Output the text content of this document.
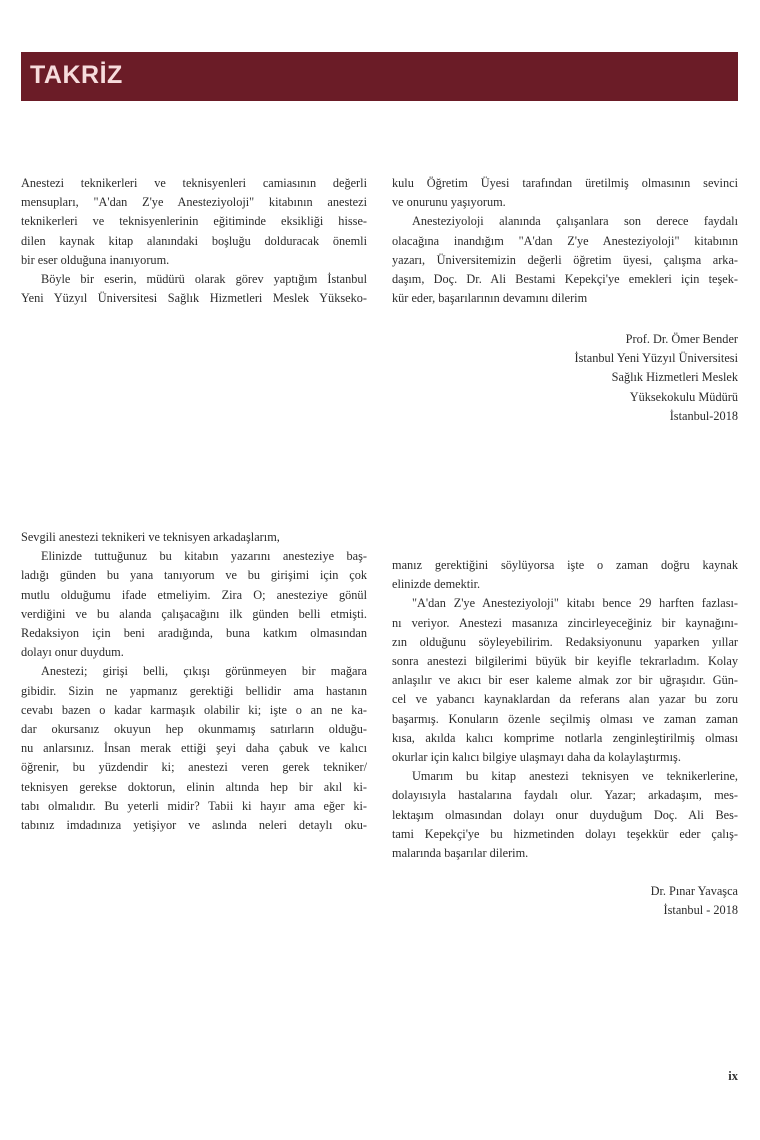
TAKRİZ
Anestezi teknikerleri ve teknisyenleri camiasının değerli
mensupları, "A'dan Z'ye Anesteziyoloji" kitabının anestezi
teknikerleri ve teknisyenlerinin eğitiminde eksikliği hisse-
dilen kaynak kitap alanındaki boşluğu dolduracak önemli
bir eser olduğuna inanıyorum.
Böyle bir eserin, müdürü olarak görev yaptığım İstanbul
Yeni Yüzyıl Üniversitesi Sağlık Hizmetleri Meslek Yükseko-
kulu Öğretim Üyesi tarafından üretilmiş olmasının sevinci
ve onurunu yaşıyorum.
Anesteziyoloji alanında çalışanlara son derece faydalı
olacağına inandığım "A'dan Z'ye Anesteziyoloji" kitabının
yazarı, Üniversitemizin değerli öğretim üyesi, çalışma arka-
daşım, Doç. Dr. Ali Bestami Kepekçi'ye emekleri için teşek-
kür eder, başarılarının devamını dilerim
Prof. Dr. Ömer Bender
İstanbul Yeni Yüzyıl Üniversitesi
Sağlık Hizmetleri Meslek
Yüksekokulu Müdürü
İstanbul-2018
Sevgili anestezi teknikeri ve teknisyen arkadaşlarım,
Elinizde tuttuğunuz bu kitabın yazarını anesteziye baş-
ladığı günden bu yana tanıyorum ve bu girişimi için çok
mutlu olduğumu ifade etmeliyim. Zira O; anesteziye gönül
verdiğini ve bu alanda çalışacağını ilk günden belli etmişti.
Redaksiyon için beni aradığında, buna katkım olmasından
dolayı onur duydum.
Anestezi; girişi belli, çıkışı görünmeyen bir mağara
gibidir. Sizin ne yapmanız gerektiği bellidir ama hastanın
cevabı bazen o kadar karmaşık olabilir ki; işte o an ne ka-
dar okursanız okuyun hep okunmamış satırların olduğu-
nu anlarsınız. İnsan merak ettiği şeyi daha çabuk ve kalıcı
öğrenir, bu yüzdendir ki; anestezi veren gerek tekniker/
teknisyen gerekse doktorun, elinin altında hep bir akıl ki-
tabı olmalıdır. Bu yeterli midir? Tabii ki hayır ama eğer ki-
tabınız imdadınıza yetişiyor ve aslında neleri detaylı oku-
manız gerektiğini söylüyorsa işte o zaman doğru kaynak
elinizde demektir.
"A'dan Z'ye Anesteziyoloji" kitabı bence 29 harften fazlası-
nı veriyor. Anestezi masanıza zincirleyeceğiniz bir kaynağını-
zın olduğunu söyleyebilirim. Redaksiyonunu yaparken yıllar
sonra anestezi bilgilerimi büyük bir keyifle tekrarladım. Kolay
anlaşılır ve akıcı bir eser kaleme almak zor bir uğraşıdır. Gün-
cel ve yabancı kaynaklardan da referans alan yazar bu zoru
başarmış. Konuların özenle seçilmiş olması ve zaman zaman
kısa, akılda kalıcı komprime notlarla zenginleştirilmiş olması
okurlar için kalıcı bilgiye ulaşmayı daha da kolaylaştırmış.
Umarım bu kitap anestezi teknisyen ve teknikerlerine,
dolayısıyla hastalarına faydalı olur. Yazar; arkadaşım, mes-
lektaşım olmasından dolayı onur duyduğum Doç. Ali Bes-
tami Kepekçi'ye bu hizmetinden dolayı teşekkür eder çalış-
malarında başarılar dilerim.
Dr. Pınar Yavaşca
İstanbul - 2018
ix
